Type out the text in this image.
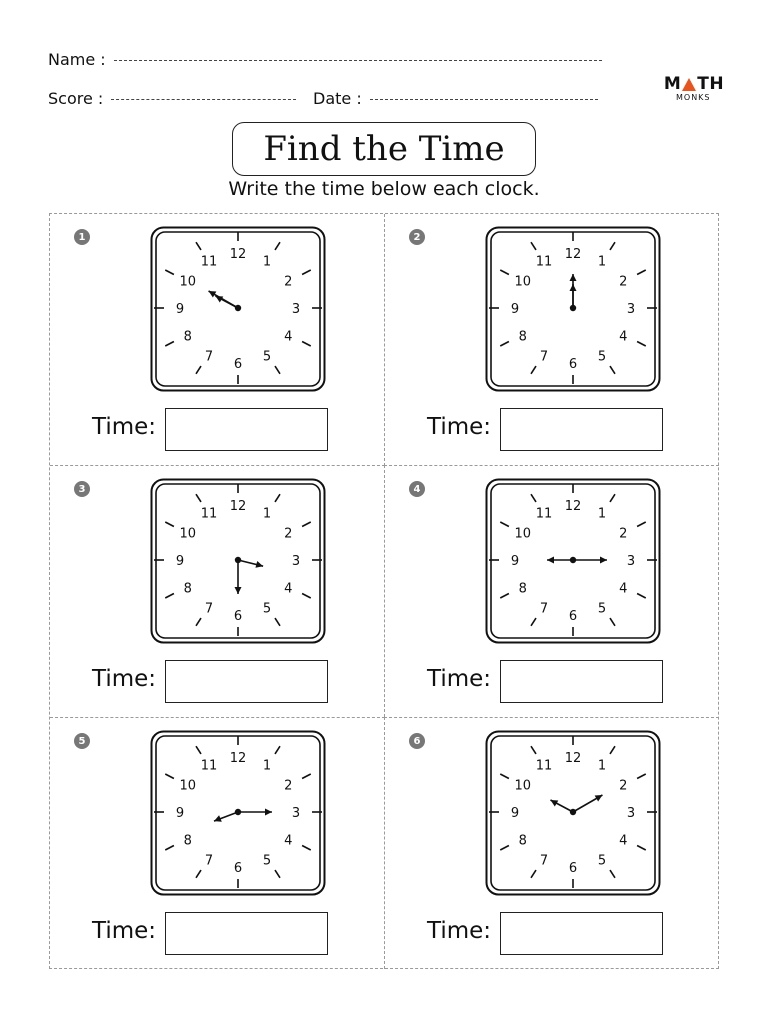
Name :
Score :	Date :
M TH
MONKS
Find the Time
Write the time below each clock.
1
12 1
2
3
4
5
6
7
8
9
10
11
Time:
2
12 1
2
3
4
5
6
7
8
9
10
11
Time:
3
12 1
2
3
4
5
6
7
8
9
10
11
Time:
4
12 1
2
3
4
5
6
7
8
9
10
11
Time:
5
12 1
2
3
4
5
6
7
8
9
10
11
Time:
6
12 1
2
3
4
5
6
7
8
9
10
11
Time:
